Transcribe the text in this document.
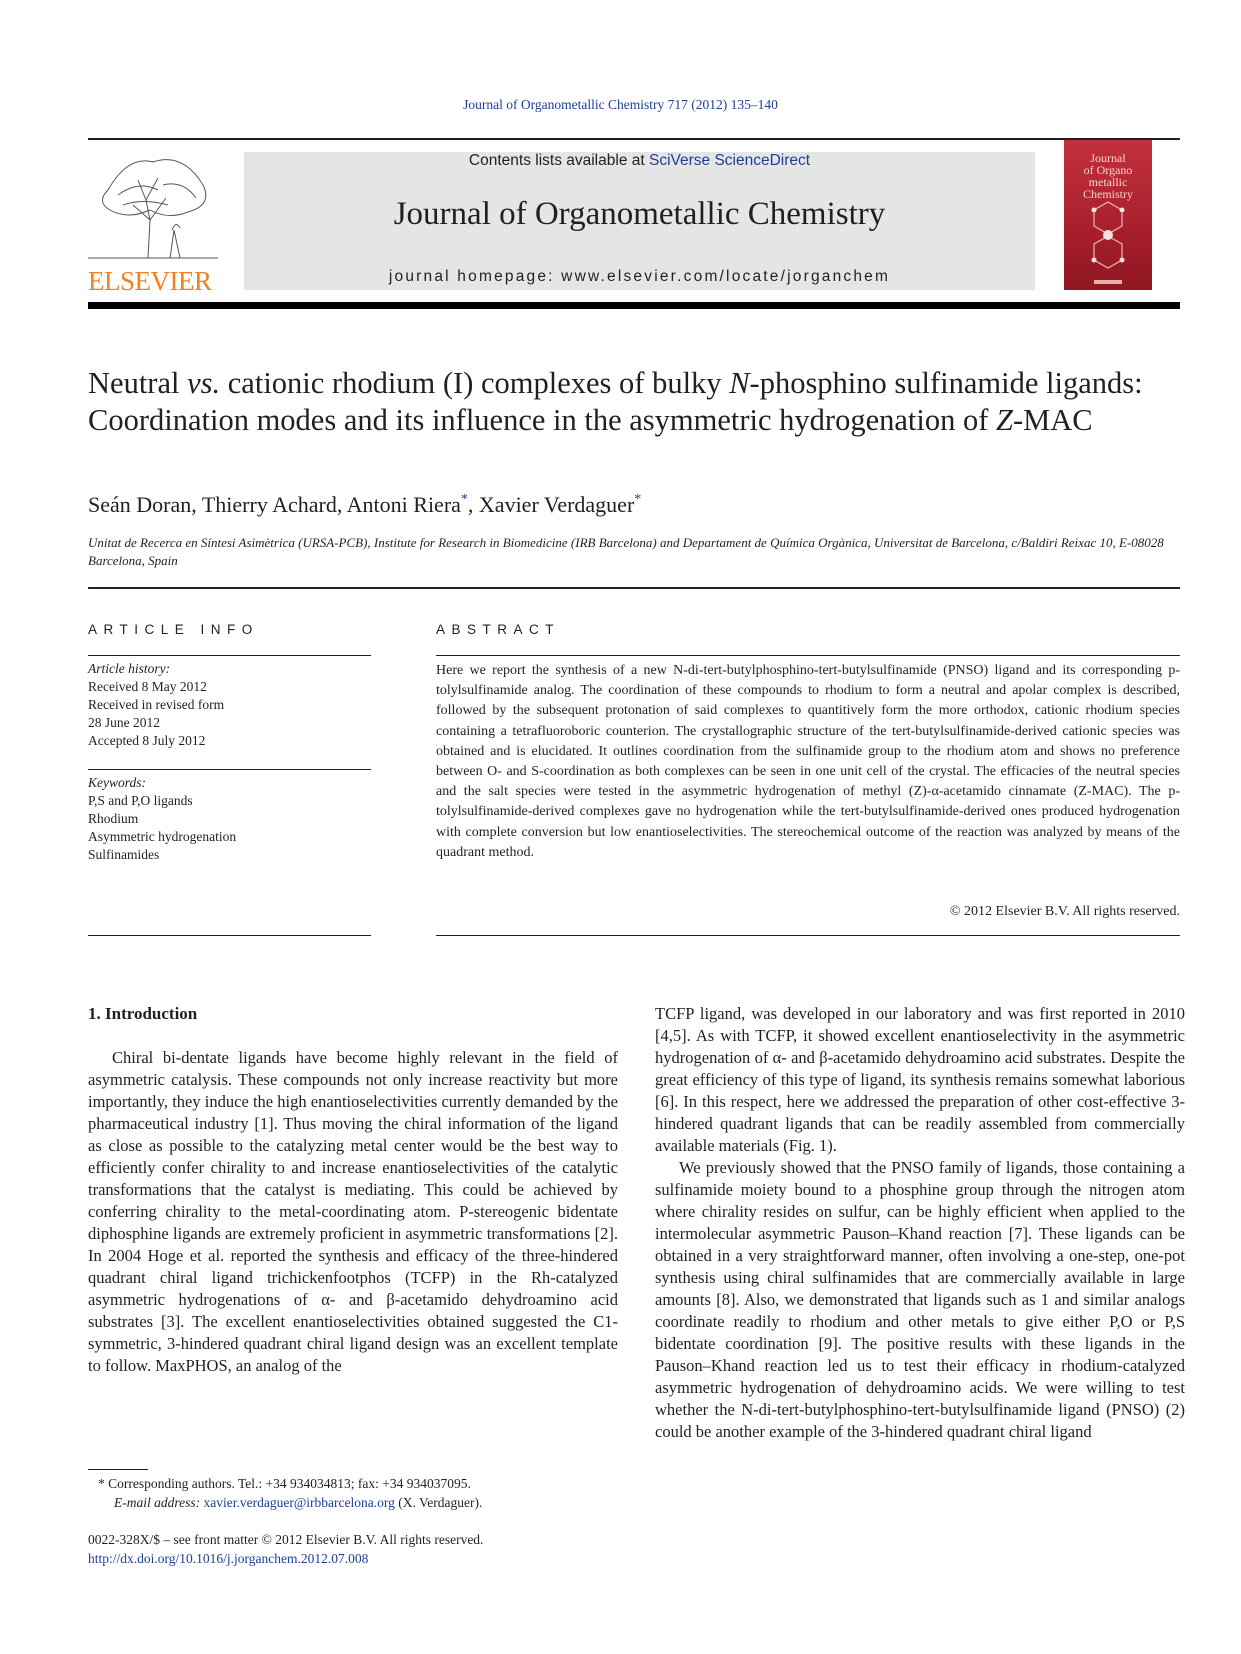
Journal of Organometallic Chemistry 717 (2012) 135–140
ELSEVIER
Contents lists available at SciVerse ScienceDirect
Journal of Organometallic Chemistry
journal homepage: www.elsevier.com/locate/jorganchem
Journal
of Organo
metallic
Chemistry
Neutral vs. cationic rhodium (I) complexes of bulky N-phosphino sulfinamide ligands: Coordination modes and its influence in the asymmetric hydrogenation of Z-MAC
Seán Doran, Thierry Achard, Antoni Riera*, Xavier Verdaguer*
Unitat de Recerca en Síntesi Asimètrica (URSA-PCB), Institute for Research in Biomedicine (IRB Barcelona) and Departament de Química Orgànica, Universitat de Barcelona, c/Baldiri Reixac 10, E-08028 Barcelona, Spain
ARTICLE INFO	ABSTRACT
Article history:
Received 8 May 2012
Received in revised form
28 June 2012
Accepted 8 July 2012
Keywords:
P,S and P,O ligands
Rhodium
Asymmetric hydrogenation
Sulfinamides
Here we report the synthesis of a new N-di-tert-butylphosphino-tert-butylsulfinamide (PNSO) ligand and its corresponding p-tolylsulfinamide analog. The coordination of these compounds to rhodium to form a neutral and apolar complex is described, followed by the subsequent protonation of said complexes to quantitively form the more orthodox, cationic rhodium species containing a tetrafluoroboric counterion. The crystallographic structure of the tert-butylsulfinamide-derived cationic species was obtained and is elucidated. It outlines coordination from the sulfinamide group to the rhodium atom and shows no preference between O- and S-coordination as both complexes can be seen in one unit cell of the crystal. The efficacies of the neutral species and the salt species were tested in the asymmetric hydrogenation of methyl (Z)-α-acetamido cinnamate (Z-MAC). The p-tolylsulfinamide-derived complexes gave no hydrogenation while the tert-butylsulfinamide-derived ones produced hydrogenation with complete conversion but low enantioselectivities. The stereochemical outcome of the reaction was analyzed by means of the quadrant method.
© 2012 Elsevier B.V. All rights reserved.
1. Introduction

Chiral bi-dentate ligands have become highly relevant in the field of asymmetric catalysis. These compounds not only increase reactivity but more importantly, they induce the high enantioselectivities currently demanded by the pharmaceutical industry [1]. Thus moving the chiral information of the ligand as close as possible to the catalyzing metal center would be the best way to efficiently confer chirality to and increase enantioselectivities of the catalytic transformations that the catalyst is mediating. This could be achieved by conferring chirality to the metal-coordinating atom. P-stereogenic bidentate diphosphine ligands are extremely proficient in asymmetric transformations [2]. In 2004 Hoge et al. reported the synthesis and efficacy of the three-hindered quadrant chiral ligand trichickenfootphos (TCFP) in the Rh-catalyzed asymmetric hydrogenations of α- and β-acetamido dehydroamino acid substrates [3]. The excellent enantioselectivities obtained suggested the C1-symmetric, 3-hindered quadrant chiral ligand design was an excellent template to follow. MaxPHOS, an analog of the

TCFP ligand, was developed in our laboratory and was first reported in 2010 [4,5]. As with TCFP, it showed excellent enantioselectivity in the asymmetric hydrogenation of α- and β-acetamido dehydroamino acid substrates. Despite the great efficiency of this type of ligand, its synthesis remains somewhat laborious [6]. In this respect, here we addressed the preparation of other cost-effective 3-hindered quadrant ligands that can be readily assembled from commercially available materials (Fig. 1).

We previously showed that the PNSO family of ligands, those containing a sulfinamide moiety bound to a phosphine group through the nitrogen atom where chirality resides on sulfur, can be highly efficient when applied to the intermolecular asymmetric Pauson–Khand reaction [7]. These ligands can be obtained in a very straightforward manner, often involving a one-step, one-pot synthesis using chiral sulfinamides that are commercially available in large amounts [8]. Also, we demonstrated that ligands such as 1 and similar analogs coordinate readily to rhodium and other metals to give either P,O or P,S bidentate coordination [9]. The positive results with these ligands in the Pauson–Khand reaction led us to test their efficacy in rhodium-catalyzed asymmetric hydrogenation of dehydroamino acids. We were willing to test whether the N-di-tert-butylphosphino-tert-butylsulfinamide ligand (PNSO) (2) could be another example of the 3-hindered quadrant chiral ligand

* Corresponding authors. Tel.: +34 934034813; fax: +34 934037095.
E-mail address: xavier.verdaguer@irbbarcelona.org (X. Verdaguer).
0022-328X/$ – see front matter © 2012 Elsevier B.V. All rights reserved.
http://dx.doi.org/10.1016/j.jorganchem.2012.07.008
